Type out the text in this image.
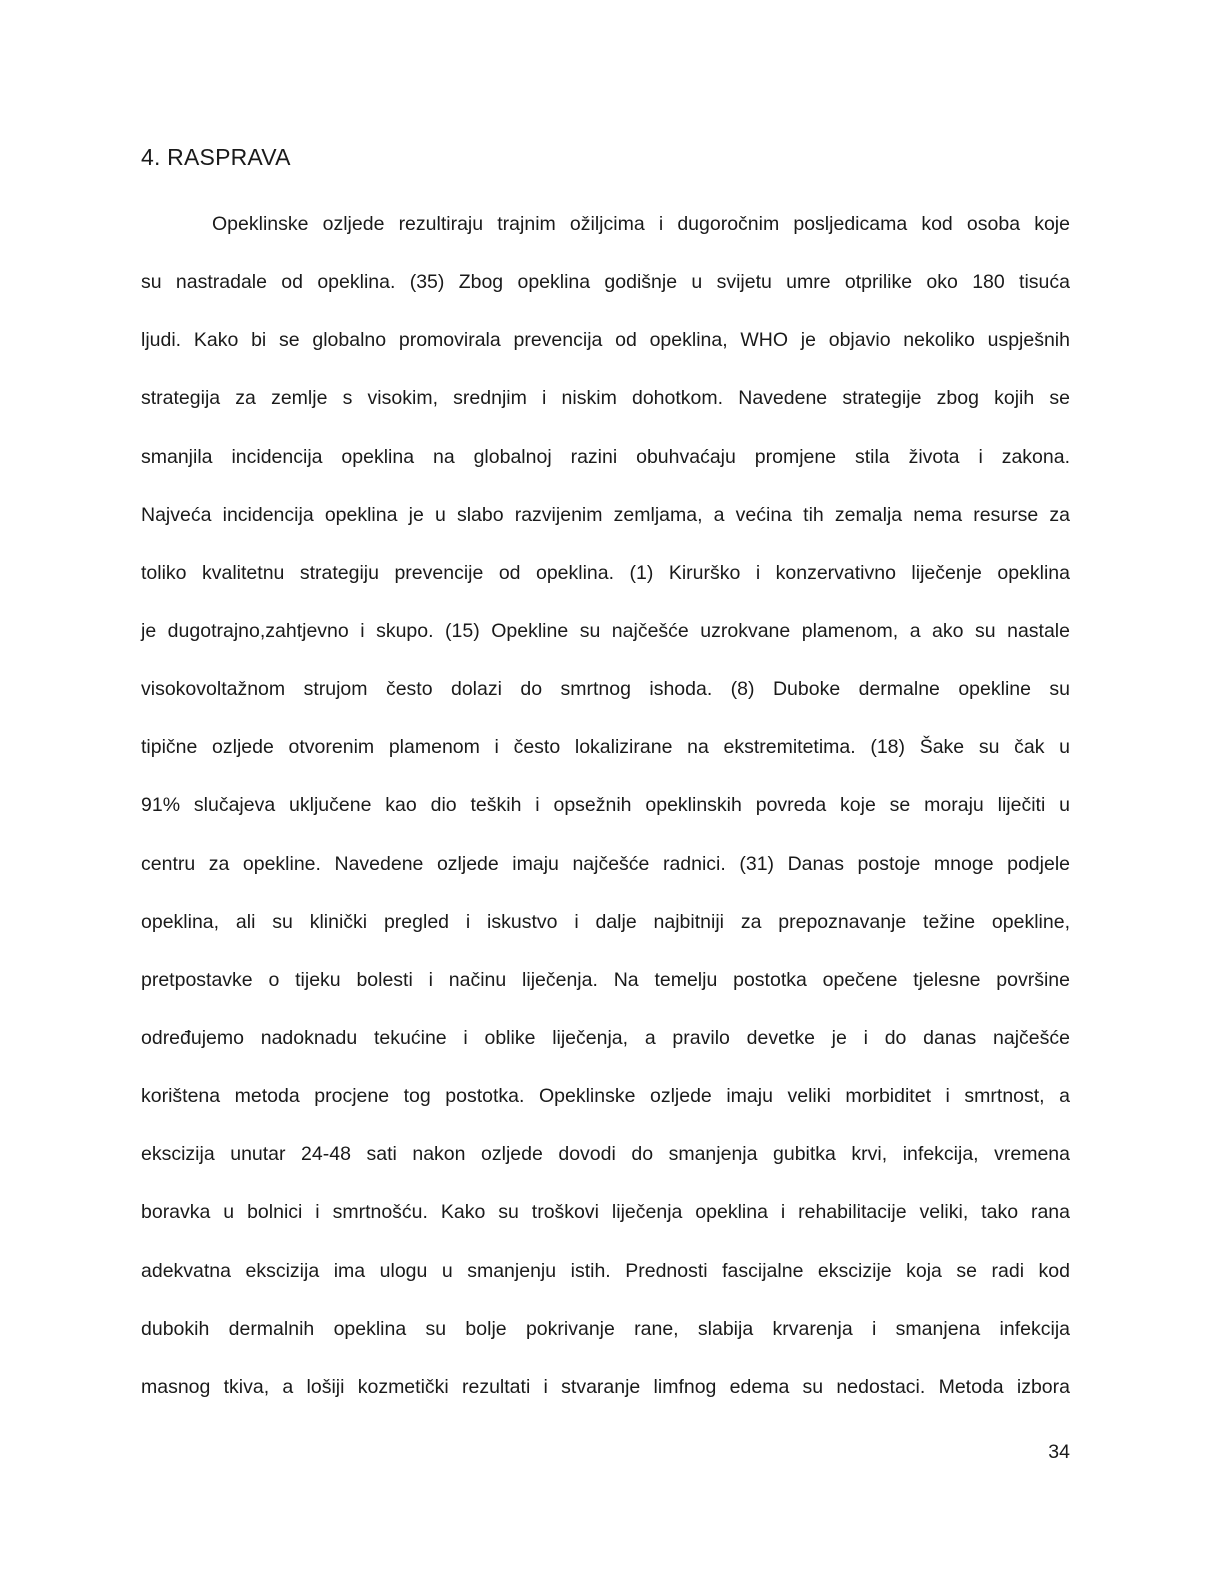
4. RASPRAVA
Opeklinske ozljede rezultiraju trajnim ožiljcima i dugoročnim posljedicama kod osoba koje
su nastradale od opeklina. (35) Zbog opeklina godišnje u svijetu umre otprilike oko 180 tisuća
ljudi. Kako bi se globalno promovirala prevencija od opeklina, WHO je objavio nekoliko uspješnih
strategija za zemlje s visokim, srednjim i niskim dohotkom. Navedene strategije zbog kojih se
smanjila incidencija opeklina na globalnoj razini obuhvaćaju promjene stila života i zakona.
Najveća incidencija opeklina je u slabo razvijenim zemljama, a većina tih zemalja nema resurse za
toliko kvalitetnu strategiju prevencije od opeklina. (1) Kirurško i konzervativno liječenje opeklina
je dugotrajno,zahtjevno i skupo. (15) Opekline su najčešće uzrokvane plamenom, a ako su nastale
visokovoltažnom strujom često dolazi do smrtnog ishoda. (8) Duboke dermalne opekline su
tipične ozljede otvorenim plamenom i često lokalizirane na ekstremitetima. (18) Šake su čak u
91% slučajeva uključene kao dio teških i opsežnih opeklinskih povreda koje se moraju liječiti u
centru za opekline. Navedene ozljede imaju najčešće radnici. (31) Danas postoje mnoge podjele
opeklina, ali su klinički pregled i iskustvo i dalje najbitniji za prepoznavanje težine opekline,
pretpostavke o tijeku bolesti i načinu liječenja. Na temelju postotka opečene tjelesne površine
određujemo nadoknadu tekućine i oblike liječenja, a pravilo devetke je i do danas najčešće
korištena metoda procjene tog postotka. Opeklinske ozljede imaju veliki morbiditet i smrtnost, a
ekscizija unutar 24-48 sati nakon ozljede dovodi do smanjenja gubitka krvi, infekcija, vremena
boravka u bolnici i smrtnošću. Kako su troškovi liječenja opeklina i rehabilitacije veliki, tako rana
adekvatna ekscizija ima ulogu u smanjenju istih. Prednosti fascijalne ekscizije koja se radi kod
dubokih dermalnih opeklina su bolje pokrivanje rane, slabija krvarenja i smanjena infekcija
masnog tkiva, a lošiji kozmetički rezultati i stvaranje limfnog edema su nedostaci. Metoda izbora
34
